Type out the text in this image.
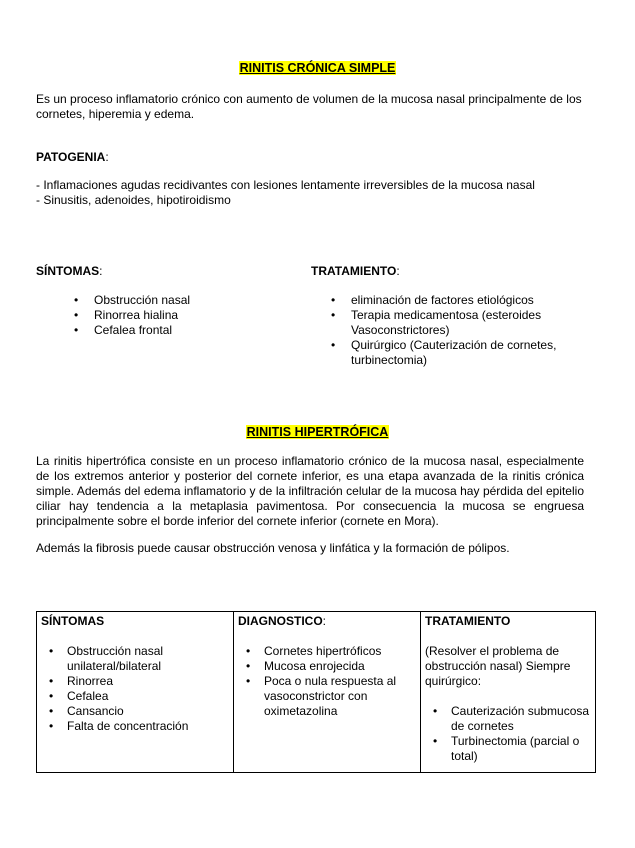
RINITIS CRÓNICA SIMPLE
Es un proceso inflamatorio crónico con aumento de volumen de la mucosa nasal principalmente de los cornetes, hiperemia y edema.
PATOGENIA:
- Inflamaciones agudas recidivantes con lesiones lentamente irreversibles de la mucosa nasal
- Sinusitis, adenoides, hipotiroidismo
SÍNTOMAS:
• Obstrucción nasal
• Rinorrea hialina
• Cefalea frontal
TRATAMIENTO:
• eliminación de factores etiológicos
• Terapia medicamentosa (esteroides Vasoconstrictores)
• Quirúrgico (Cauterización de cornetes, turbinectomia)
RINITIS HIPERTRÓFICA
La rinitis hipertrófica consiste en un proceso inflamatorio crónico de la mucosa nasal, especialmente de los extremos anterior y posterior del cornete inferior, es una etapa avanzada de la rinitis crónica simple. Además del edema inflamatorio y de la infiltración celular de la mucosa hay pérdida del epitelio ciliar hay tendencia a la metaplasia pavimentosa. Por consecuencia la mucosa se engruesa principalmente sobre el borde inferior del cornete inferior (cornete en Mora).
Además la fibrosis puede causar obstrucción venosa y linfática y la formación de pólipos.
SÍNTOMAS
• Obstrucción nasal unilateral/bilateral
• Rinorrea
• Cefalea
• Cansancio
• Falta de concentración

DIAGNOSTICO:
• Cornetes hipertróficos
• Mucosa enrojecida
• Poca o nula respuesta al vasoconstrictor con oximetazolina

TRATAMIENTO
(Resolver el problema de obstrucción nasal) Siempre quirúrgico:
• Cauterización submucosa de cornetes
• Turbinectomia (parcial o total)
